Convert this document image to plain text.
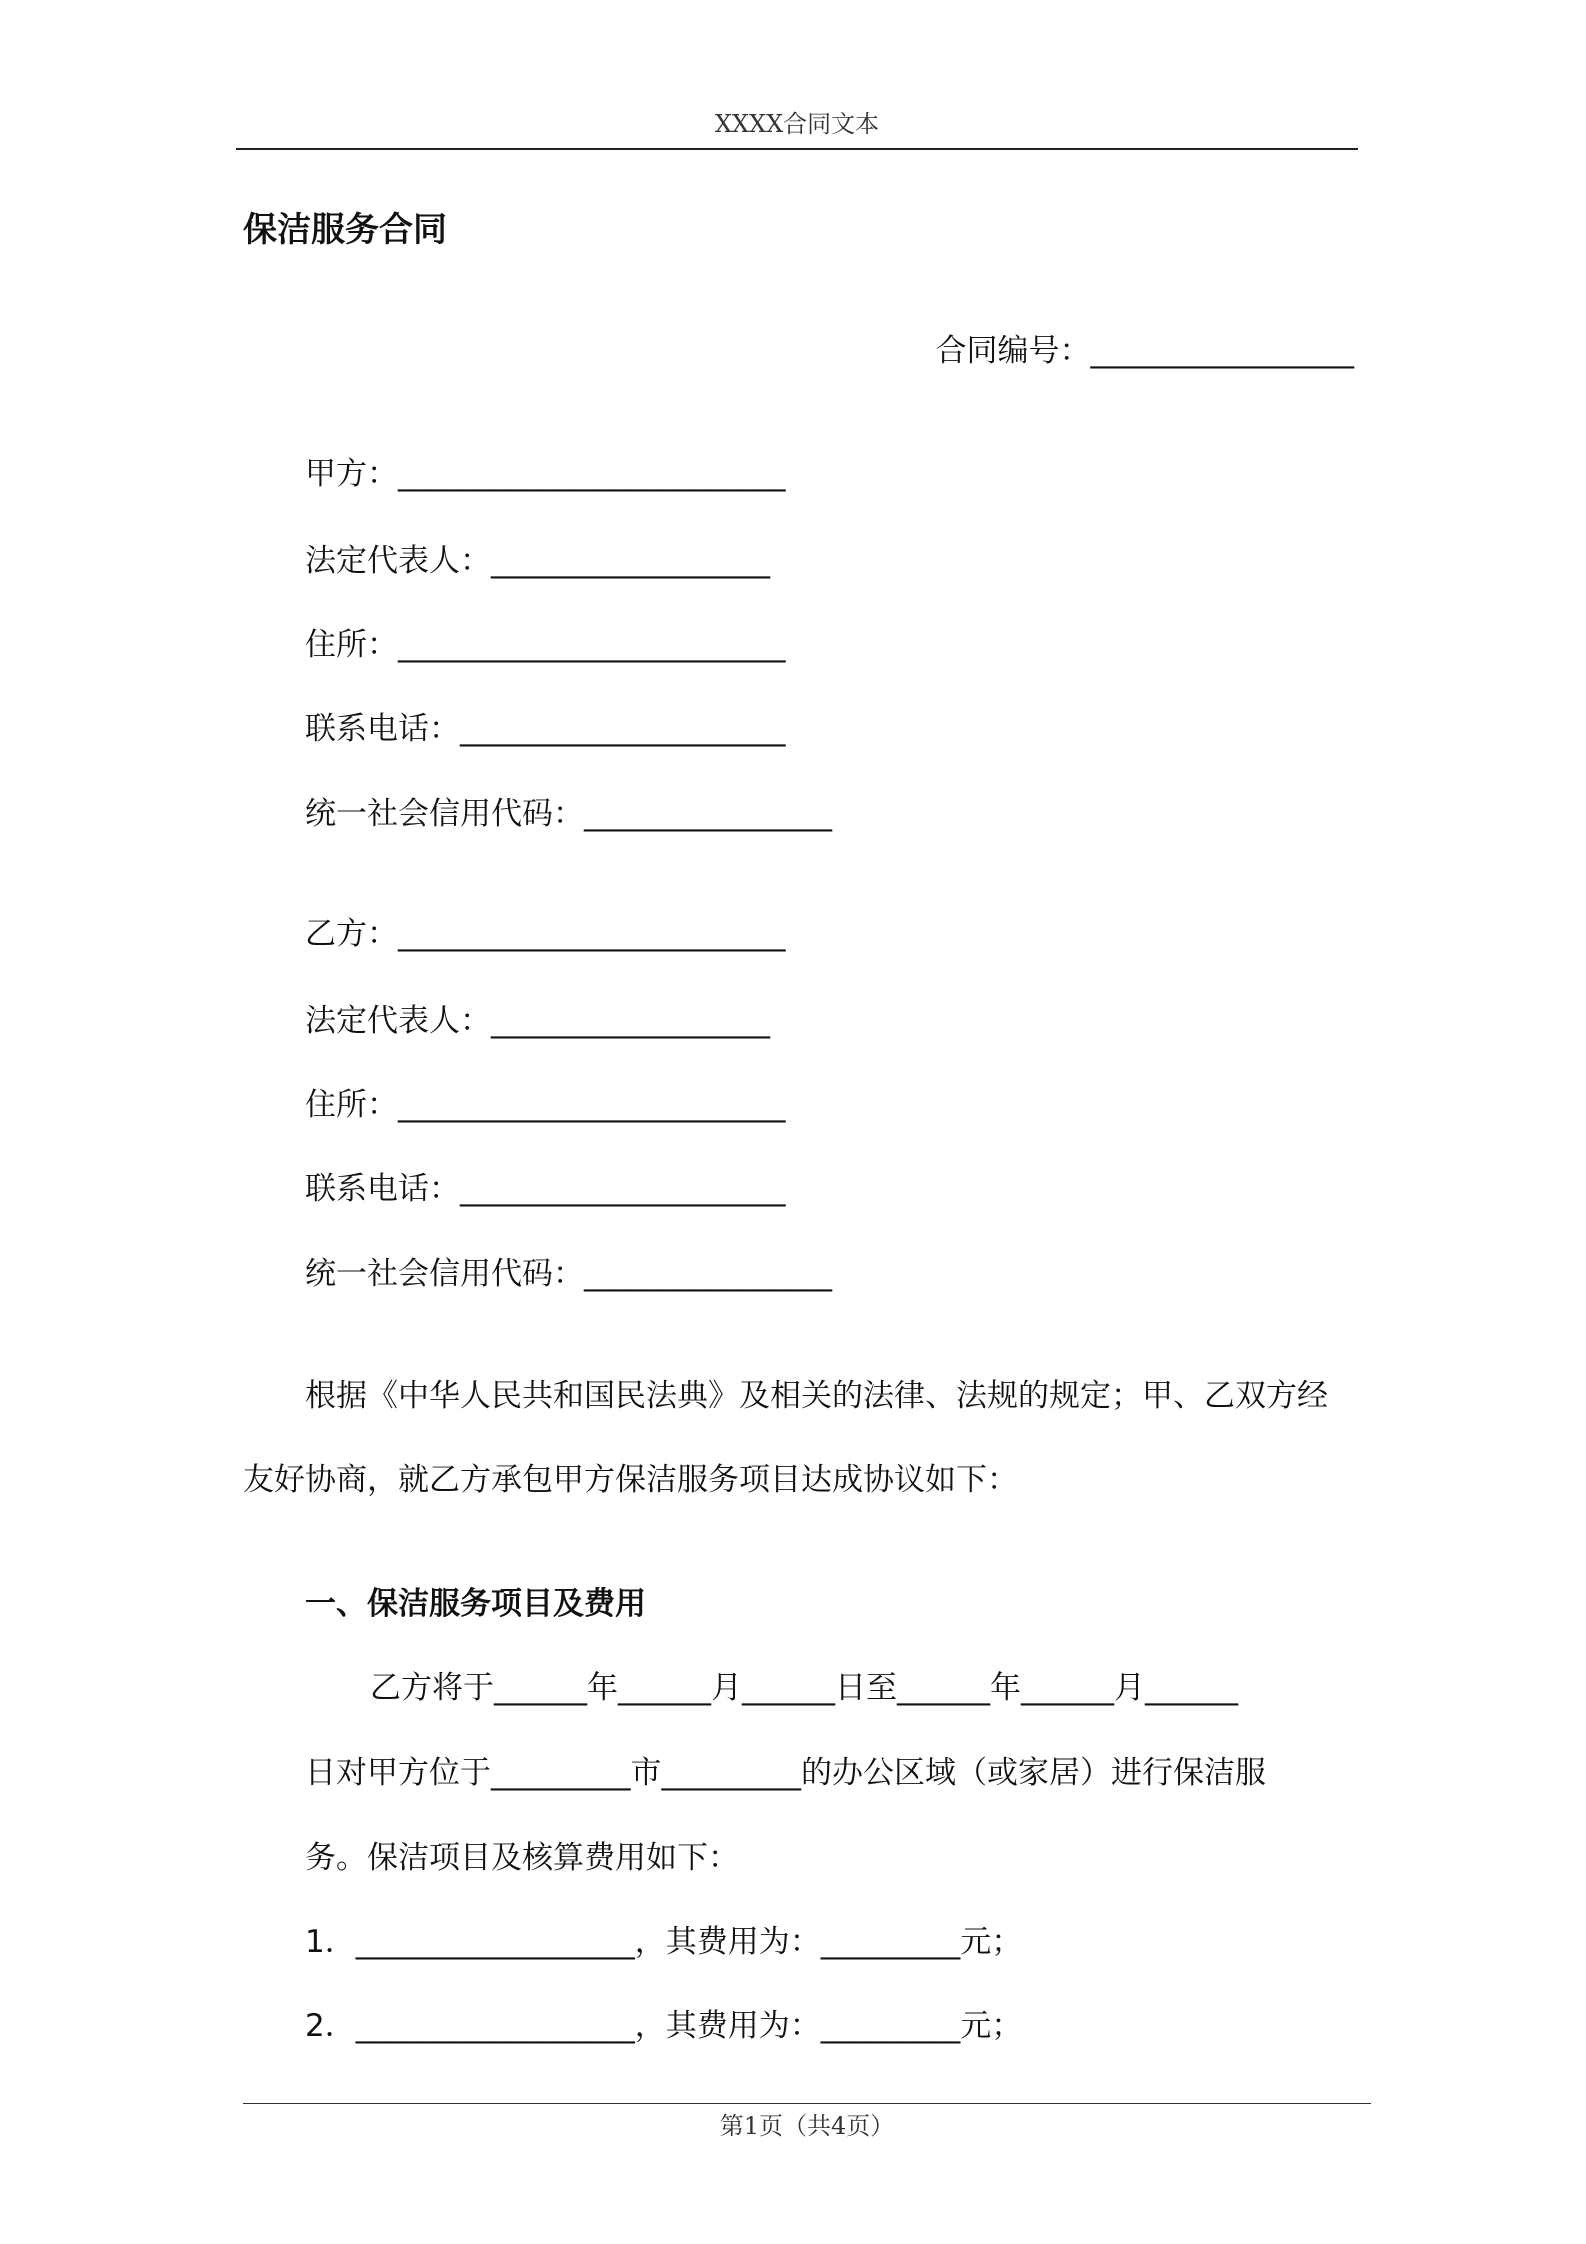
XXXX合同文本
保洁服务合同
合同编号：_________________
甲方：_________________________
法定代表人：__________________
住所：_________________________
联系电话：_____________________
统一社会信用代码：________________
乙方：_________________________
法定代表人：__________________
住所：_________________________
联系电话：_____________________
统一社会信用代码：________________
根据《中华人民共和国民法典》及相关的法律、法规的规定；甲、乙双方经
友好协商，就乙方承包甲方保洁服务项目达成协议如下：
一、保洁服务项目及费用
乙方将于______年______月______日至______年______月______
日对甲方位于_________市_________的办公区域（或家居）进行保洁服
务。保洁项目及核算费用如下：
1．__________________，其费用为：_________元；
2．__________________，其费用为：_________元；
第1页（共4页）
